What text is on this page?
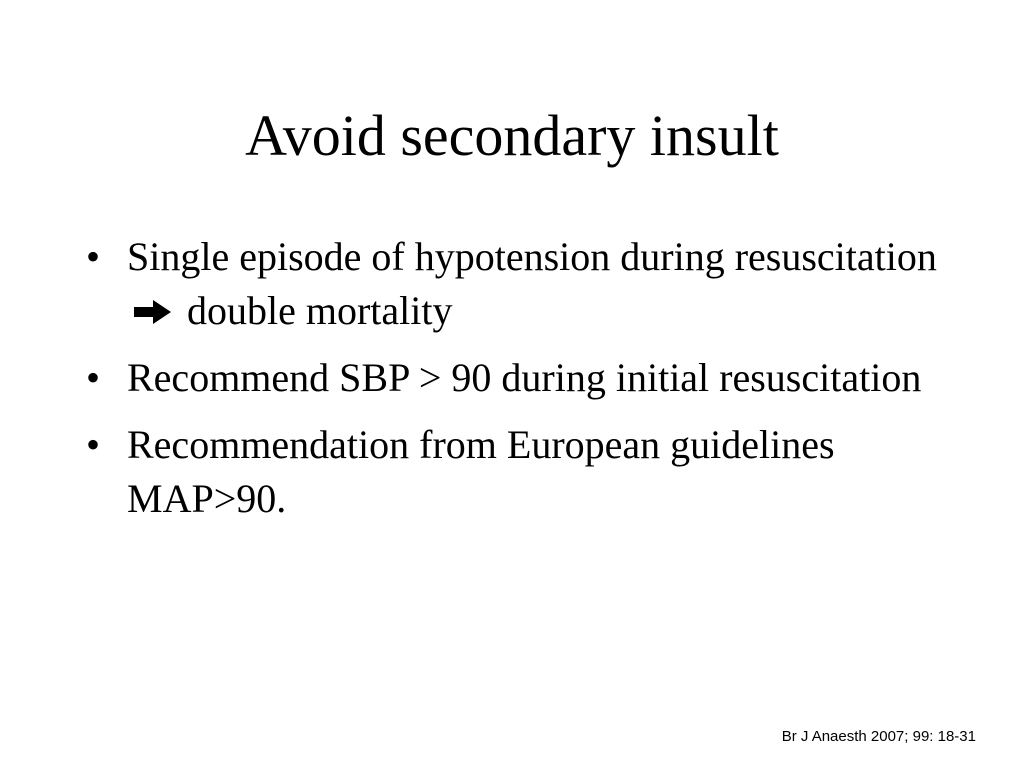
Avoid secondary insult
• Single episode of hypotension during resuscitation  double mortality
• Recommend SBP > 90 during initial resuscitation
• Recommendation from European guidelines MAP>90.
Br J Anaesth 2007; 99: 18-31
